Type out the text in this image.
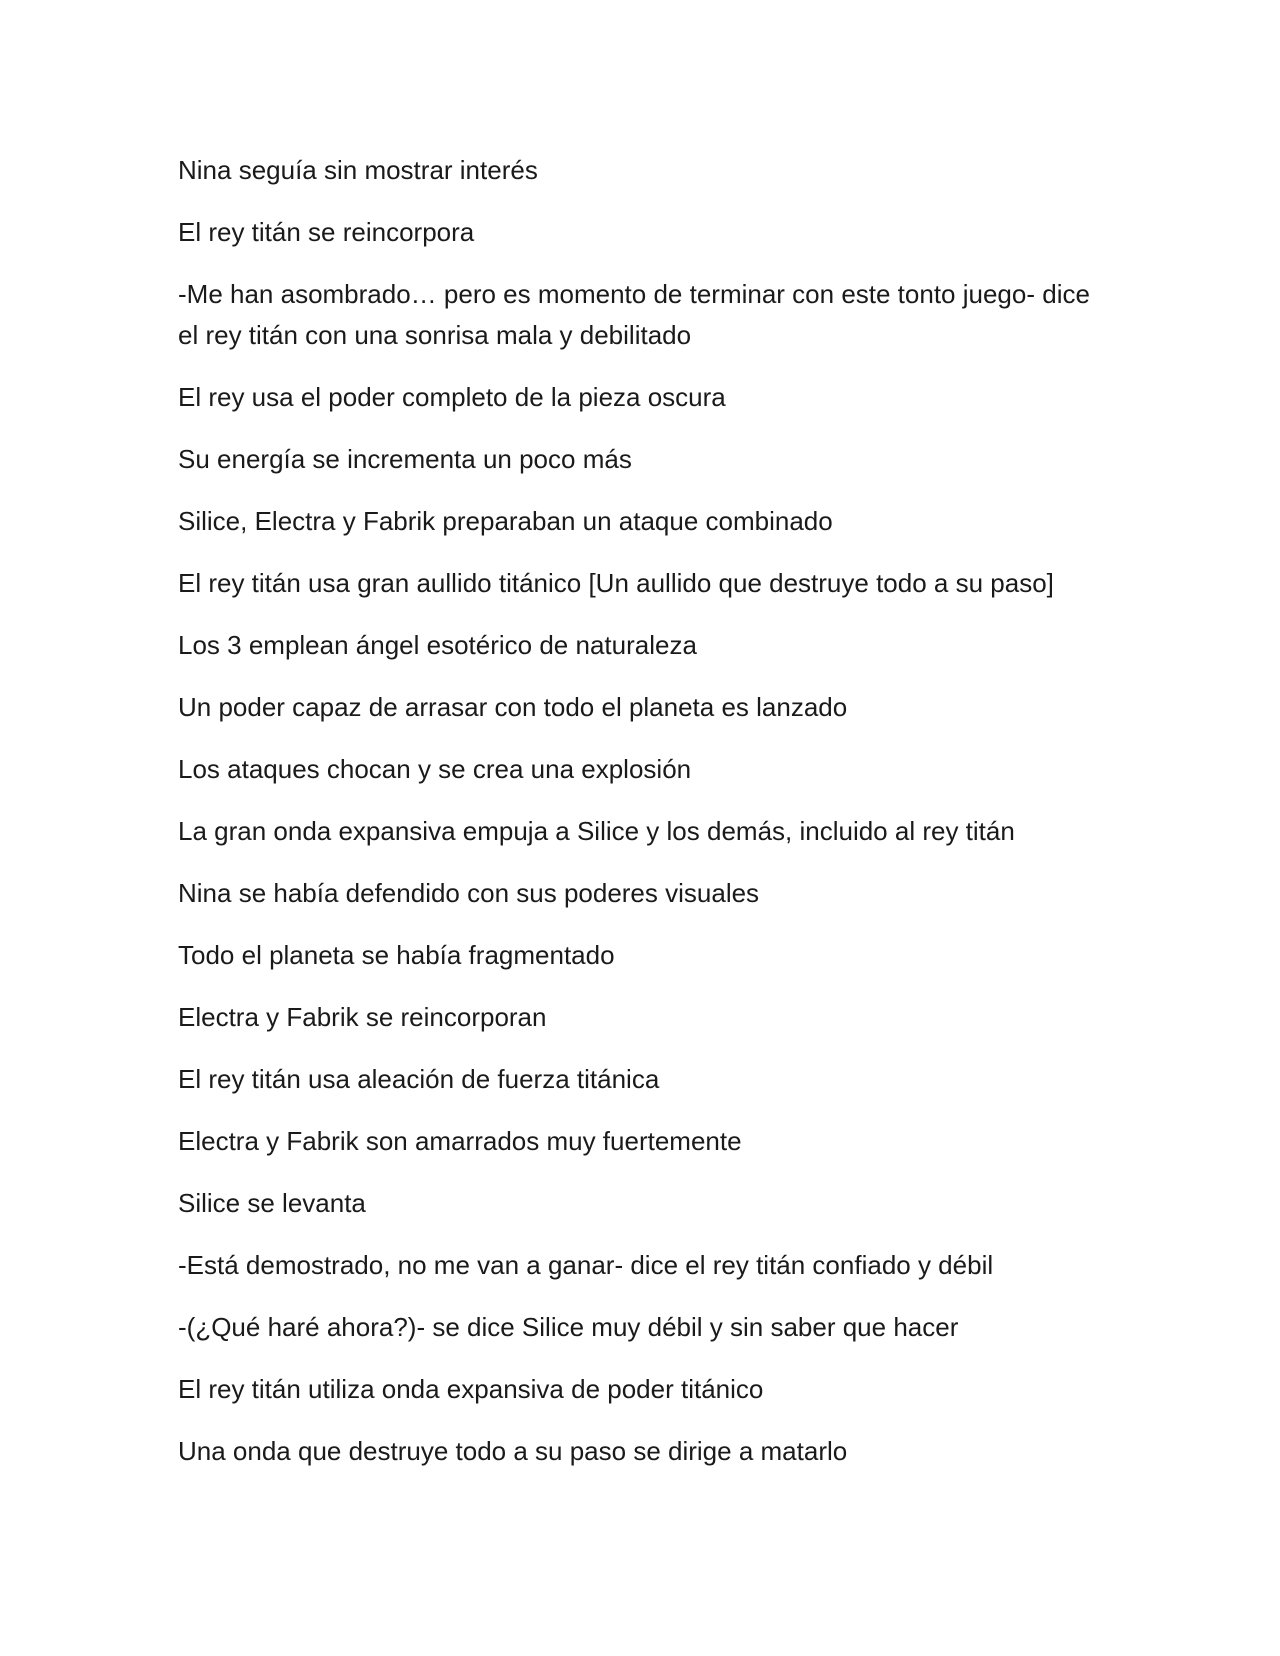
Nina seguía sin mostrar interés

El rey titán se reincorpora

-Me han asombrado… pero es momento de terminar con este tonto juego- dice el rey titán con una sonrisa mala y debilitado

El rey usa el poder completo de la pieza oscura

Su energía se incrementa un poco más

Silice, Electra y Fabrik preparaban un ataque combinado

El rey titán usa gran aullido titánico [Un aullido que destruye todo a su paso]

Los 3 emplean ángel esotérico de naturaleza

Un poder capaz de arrasar con todo el planeta es lanzado

Los ataques chocan y se crea una explosión

La gran onda expansiva empuja a Silice y los demás, incluido al rey titán

Nina se había defendido con sus poderes visuales

Todo el planeta se había fragmentado

Electra y Fabrik se reincorporan

El rey titán usa aleación de fuerza titánica

Electra y Fabrik son amarrados muy fuertemente

Silice se levanta

-Está demostrado, no me van a ganar- dice el rey titán confiado y débil

-(¿Qué haré ahora?)- se dice Silice muy débil y sin saber que hacer

El rey titán utiliza onda expansiva de poder titánico

Una onda que destruye todo a su paso se dirige a matarlo
